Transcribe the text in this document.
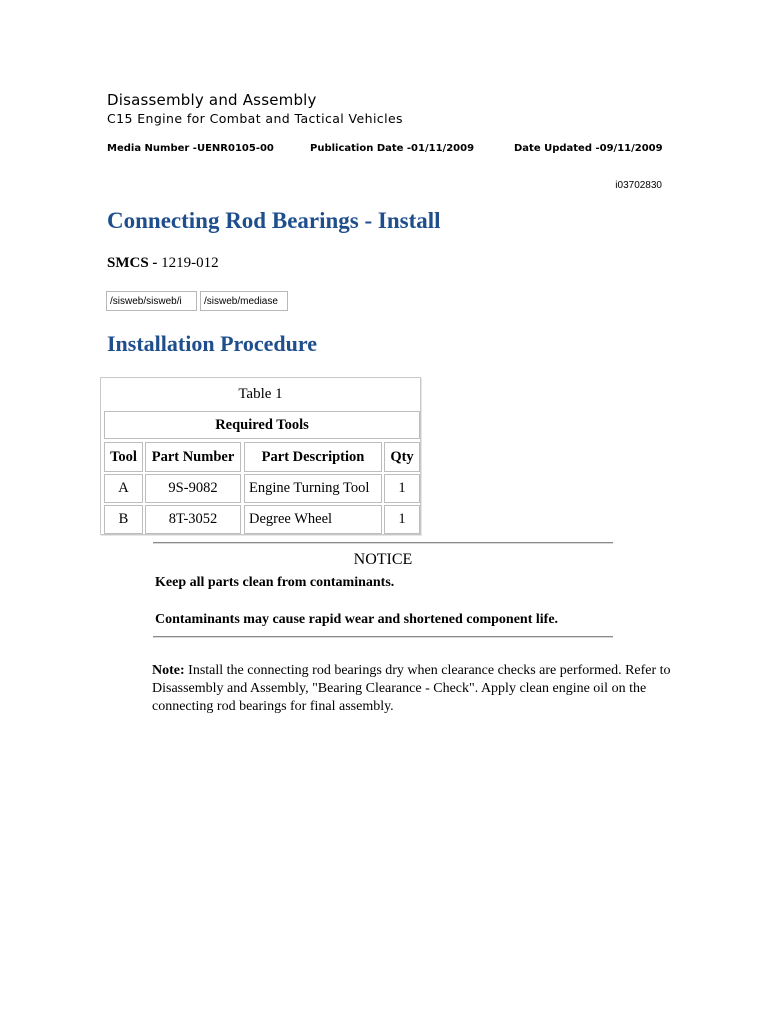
Disassembly and Assembly
C15 Engine for Combat and Tactical Vehicles
Media Number -UENR0105-00	Publication Date -01/11/2009	Date Updated -09/11/2009
i03702830
Connecting Rod Bearings - Install
SMCS - 1219-012
/sisweb/sisweb/i	/sisweb/mediase
Installation Procedure
Table 1
Required Tools
Tool	Part Number	Part Description	Qty
A	9S-9082	Engine Turning Tool	1
B	8T-3052	Degree Wheel	1
NOTICE
Keep all parts clean from contaminants.
Contaminants may cause rapid wear and shortened component life.
Note: Install the connecting rod bearings dry when clearance checks are performed. Refer to Disassembly and Assembly, "Bearing Clearance - Check". Apply clean engine oil on the connecting rod bearings for final assembly.
